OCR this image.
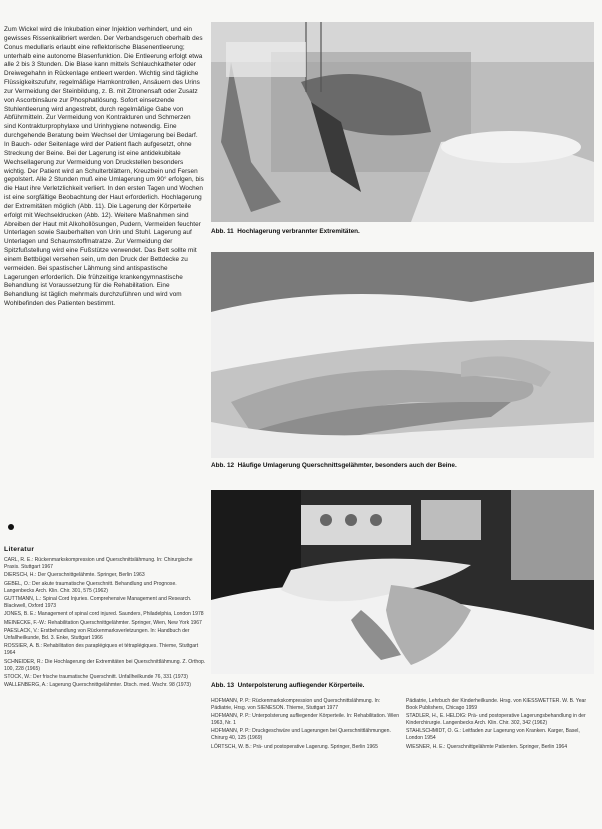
Zum Wickel wird die Inkubation einer Injektion verhindert, und ein gewisses Rissenkalibriert werden. Der Verbandsgeruch oberhalb des Conus medullaris erlaubt eine reflektorische Blasenentleerung; unterhalb eine autonome Blasenfunktion. Die Entleerung erfolgt etwa alle 2 bis 3 Stunden. Die Blase kann mittels Schlauchkatheter oder Dreiwegehahn in Rückenlage entleert werden. Wichtig sind tägliche Flüssigkeitszufuhr, regelmäßige Harnkontrollen, Ansäuern des Urins zur Vermeidung der Steinbildung, z. B. mit Zitronensaft oder Zusatz von Ascorbinsäure zur Phosphatlösung. Sofort einsetzende Stuhlentleerung wird angestrebt, durch regelmäßige Gabe von Abführmitteln. Zur Vermeidung von Kontrakturen und Schmerzen sind Kontrakturprophylaxe und Urinhygiene notwendig. Eine durchgehende Beratung beim Wechsel der Umlagerung bei Bedarf. In Bauch- oder Seitenlage wird der Patient flach aufgesetzt, ohne Streckung der Beine. Bei der Lagerung ist eine antidekubitale Wechsellagerung zur Vermeidung von Druckstellen besonders wichtig. Der Patient wird an Schulterblättern, Kreuzbein und Fersen gepolstert. Alle 2 Stunden muß eine Umlagerung um 90° erfolgen, bis die Haut ihre Verletzlichkeit verliert. In den ersten Tagen und Wochen ist eine sorgfältige Beobachtung der Haut erforderlich. Hochlagerung der Extremitäten möglich (Abb. 11). Die Lagerung der Körperteile erfolgt mit Wechseldrucken (Abb. 12). Weitere Maßnahmen sind Abreiben der Haut mit Alkohollösungen, Pudern, Vermeiden feuchter Unterlagen sowie Sauberhalten von Urin und Stuhl. Lagerung auf Unterlagen und Schaumstoffmatratze. Zur Vermeidung der Spitzfußstellung wird eine Fußstütze verwendet. Das Bett sollte mit einem Bettbügel versehen sein, um den Druck der Bettdecke zu vermeiden. Bei spastischer Lähmung sind antispastische Lagerungen erforderlich. Die frühzeitige krankengymnastische Behandlung ist Voraussetzung für die Rehabilitation. Eine Behandlung ist täglich mehrmals durchzuführen und wird vom Wohlbefinden des Patienten bestimmt.

Literatur
CARL, R. E.: Rückenmarkskompression und Querschnittslähmung. In: Chirurgische Praxis. Stuttgart 1967
DIERSCH, H.: Der Querschnittgelähmte. Springer, Berlin 1963
GEBEL, O.: Der akute traumatische Querschnitt. Behandlung und Prognose. Langenbecks Arch. Klin. Chir. 301, 575 (1962)
GUTTMANN, L.: Spinal Cord Injuries. Comprehensive Management and Research. Blackwell, Oxford 1973
JONES, B. E.: Management of spinal cord injured. Saunders, Philadelphia, London 1978
MEINECKE, F.-W.: Rehabilitation Querschnittgelähmter. Springer, Wien, New York 1967
PAESLACK, V.: Erstbehandlung von Rückenmarksverletzungen. In: Handbuch der Unfallheilkunde, Bd. 3. Enke, Stuttgart 1966
ROSSIER, A. B.: Rehabilitation des paraplégiques et tétraplégiques. Thieme, Stuttgart 1964
SCHNEIDER, R.: Die Hochlagerung der Extremitäten bei Querschnittlähmung. Z. Orthop. 100, 228 (1965)
STOCK, W.: Der frische traumatische Querschnitt. Unfallheilkunde 76, 331 (1973)
WALLENBERG, A.: Lagerung Querschnittgelähmter. Dtsch. med. Wschr. 98 (1973)
Abb. 11 Hochlagerung verbrannter Extremitäten.
Abb. 12 Häufige Umlagerung Querschnittsgelähmter, besonders auch der Beine.
Abb. 13 Unterpolsterung aufliegender Körperteile.
HOFMANN, P. P.: Rückenmarkskompression und Querschnittslähmung. In: Pädiatrie, Hrsg. von SIENESON. Thieme, Stuttgart 1977
HOFMANN, P. P.: Unterpolsterung aufliegender Körperteile. In: Rehabilitation. Wien 1963, Nr. 1
HOFMANN, P. P.: Druckgeschwüre und Lagerungen bei Querschnittlähmungen. Chirurg 40, 125 (1969)
LÖRTSCH, W. B.: Prä- und postoperative Lagerung. Springer, Berlin 1965
Pädiatrie, Lehrbuch der Kinderheilkunde. Hrsg. von KIESSWETTER. W. B. Year Book Publishers, Chicago 1959
STADLER, H., E. HELDIG: Prä- und postoperative Lagerungsbehandlung in der Kinderchirurgie. Langenbecks Arch. Klin. Chir. 302, 342 (1962)
STAHLSCHMIDT, O. G.: Leitfaden zur Lagerung von Kranken. Karger, Basel, London 1954
WIESNER, H. E.: Querschnittgelähmte Patienten. Springer, Berlin 1964
